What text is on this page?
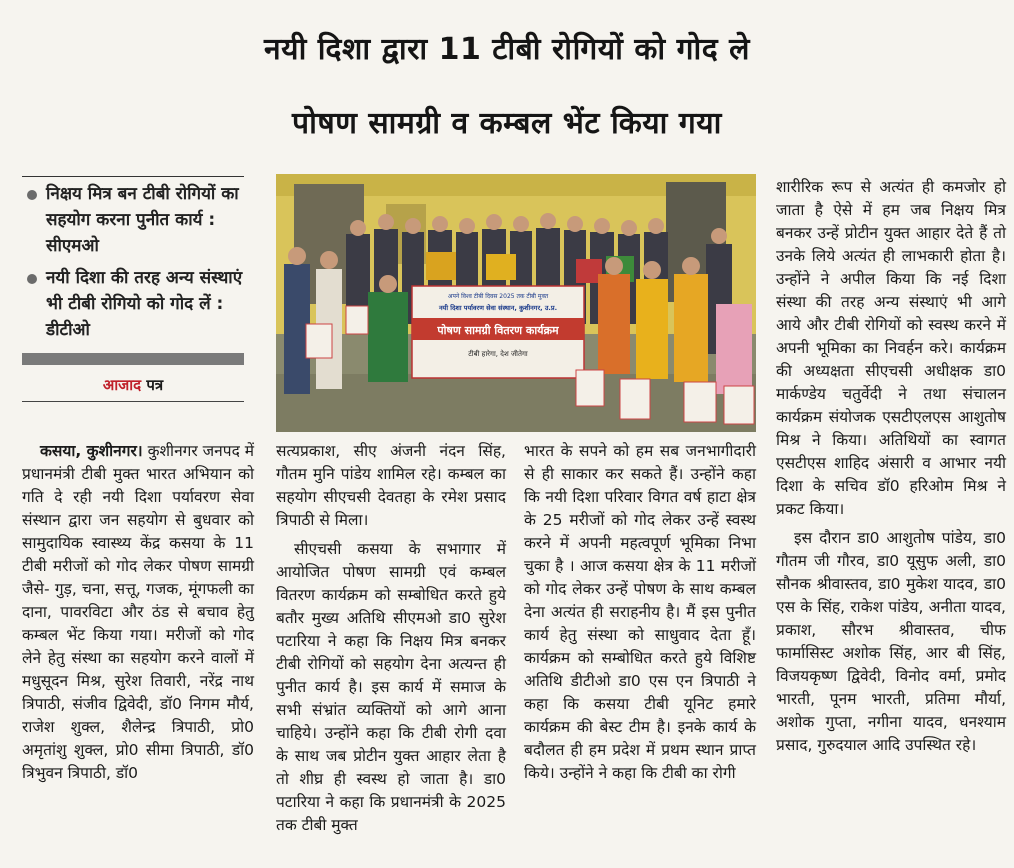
नयी दिशा द्वारा 11 टीबी रोगियों को गोद ले
पोषण सामग्री व कम्बल भेंट किया गया
निक्षय मित्र बन टीबी रोगियों का सहयोग करना पुनीत कार्य : सीएमओ
नयी दिशा की तरह अन्य संस्थाएं भी टीबी रोगियो को गोद लें : डीटीओ
आजाद पत्र
अपने विश्व टीबी दिवस 2025 तक टीबी मुक्त
नयी दिशा पर्यावरण सेवा संस्थान, कुशीनगर, उ.प्र.
पोषण सामग्री वितरण कार्यक्रम
टीबी हारेगा, देश जीतेगा

कसया, कुशीनगर। कुशीनगर जनपद में प्रधानमंत्री टीबी मुक्त भारत अभियान को गति दे रही नयी दिशा पर्यावरण सेवा संस्थान द्वारा जन सहयोग से बुधवार को सामुदायिक स्वास्थ्य केंद्र कसया के 11 टीबी मरीजों को गोद लेकर पोषण सामग्री जैसे- गुड़, चना, सत्तू, गजक, मूंगफली का दाना, पावरविटा और ठंड से बचाव हेतु कम्बल भेंट किया गया। मरीजों को गोद लेने हेतु संस्था का सहयोग करने वालों में मधुसूदन मिश्र, सुरेश तिवारी, नरेंद्र नाथ त्रिपाठी, संजीव द्विवेदी, डॉ0 निगम मौर्य, राजेश शुक्ल, शैलेन्द्र त्रिपाठी, प्रो0 अमृतांशु शुक्ल, प्रो0 सीमा त्रिपाठी, डॉ0 त्रिभुवन त्रिपाठी, डॉ0

सत्यप्रकाश, सीए अंजनी नंदन सिंह, गौतम मुनि पांडेय शामिल रहे। कम्बल का सहयोग सीएचसी देवतहा के रमेश प्रसाद त्रिपाठी से मिला।

सीएचसी कसया के सभागार में आयोजित पोषण सामग्री एवं कम्बल वितरण कार्यक्रम को सम्बोधित करते हुये बतौर मुख्य अतिथि सीएमओ डा0 सुरेश पटारिया ने कहा कि निक्षय मित्र बनकर टीबी रोगियों को सहयोग देना अत्यन्त ही पुनीत कार्य है। इस कार्य में समाज के सभी संभ्रांत व्यक्तियों को आगे आना चाहिये। उन्होंने कहा कि टीबी रोगी दवा के साथ जब प्रोटीन युक्त आहार लेता है तो शीघ्र ही स्वस्थ हो जाता है। डा0 पटारिया ने कहा कि प्रधानमंत्री के 2025 तक टीबी मुक्त

भारत के सपने को हम सब जनभागीदारी से ही साकार कर सकते हैं। उन्होंने कहा कि नयी दिशा परिवार विगत वर्ष हाटा क्षेत्र के 25 मरीजों को गोद लेकर उन्हें स्वस्थ करने में अपनी महत्वपूर्ण भूमिका निभा चुका है । आज कसया क्षेत्र के 11 मरीजों को गोद लेकर उन्हें पोषण के साथ कम्बल देना अत्यंत ही सराहनीय है। मैं इस पुनीत कार्य हेतु संस्था को साधुवाद देता हूँ। कार्यक्रम को सम्बोधित करते हुये विशिष्ट अतिथि डीटीओ डा0 एस एन त्रिपाठी ने कहा कि कसया टीबी यूनिट हमारे कार्यक्रम की बेस्ट टीम है। इनके कार्य के बदौलत ही हम प्रदेश में प्रथम स्थान प्राप्त किये। उन्होंने ने कहा कि टीबी का रोगी

शारीरिक रूप से अत्यंत ही कमजोर हो जाता है ऐसे में हम जब निक्षय मित्र बनकर उन्हें प्रोटीन युक्त आहार देते हैं तो उनके लिये अत्यंत ही लाभकारी होता है। उन्होंने ने अपील किया कि नई दिशा संस्था की तरह अन्य संस्थाएं भी आगे आये और टीबी रोगियों को स्वस्थ करने में अपनी भूमिका का निवर्हन करे। कार्यक्रम की अध्यक्षता सीएचसी अधीक्षक डा0 मार्कण्डेय चतुर्वेदी ने तथा संचालन कार्यक्रम संयोजक एसटीएलएस आशुतोष मिश्र ने किया। अतिथियों का स्वागत एसटीएस शाहिद अंसारी व आभार नयी दिशा के सचिव डॉ0 हरिओम मिश्र ने प्रकट किया।

इस दौरान डा0 आशुतोष पांडेय, डा0 गौतम जी गौरव, डा0 यूसुफ अली, डा0 सौनक श्रीवास्तव, डा0 मुकेश यादव, डा0 एस के सिंह, राकेश पांडेय, अनीता यादव, प्रकाश, सौरभ श्रीवास्तव, चीफ फार्मासिस्ट अशोक सिंह, आर बी सिंह, विजयकृष्ण द्विवेदी, विनोद वर्मा, प्रमोद भारती, पूनम भारती, प्रतिमा मौर्या, अशोक गुप्ता, नगीना यादव, धनश्याम प्रसाद, गुरुदयाल आदि उपस्थित रहे।
